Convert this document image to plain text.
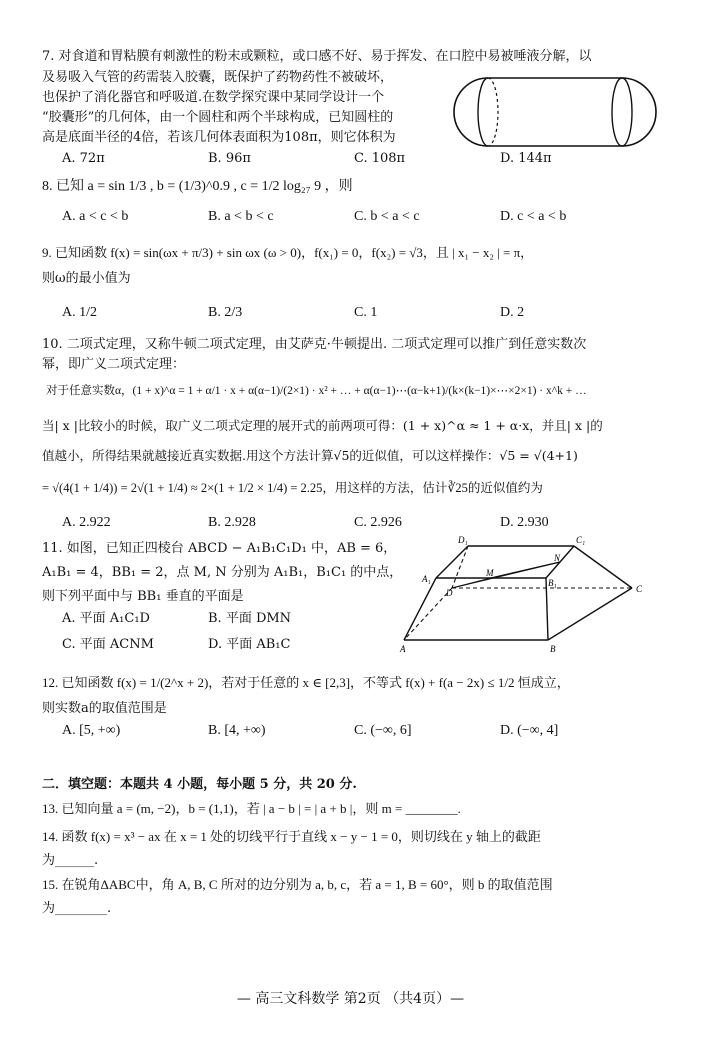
7. 对食道和胃粘膜有刺激性的粉末或颗粒，或口感不好、易于挥发、在口腔中易被唾液分解，以
及易吸入气管的药需装入胶囊，既保护了药物药性不被破坏，
也保护了消化器官和呼吸道.在数学探究课中某同学设计一个
“胶囊形”的几何体，由一个圆柱和两个半球构成，已知圆柱的
高是底面半径的4倍，若该几何体表面积为108π，则它体积为
A. 72π	B. 96π	C. 108π	D. 144π
8. 已知 a = sin 1/3 , b = (1/3)^0.9 , c = 1/2 log₂₇ 9 ，则
A. a < c < b	B. a < b < c	C. b < a < c	D. c < a < b
9. 已知函数 f(x) = sin(ωx + π/3) + sin ωx (ω > 0)，f(x₁) = 0，f(x₂) = √3，且 | x₁ − x₂ | = π，
则ω的最小值为
A. 1/2	B. 2/3	C. 1	D. 2
10. 二项式定理，又称牛顿二项式定理，由艾萨克·牛顿提出. 二项式定理可以推广到任意实数次
幂，即广义二项式定理：
对于任意实数α，(1 + x)^α = 1 + α/1 · x + α(α−1)/(2×1) · x² + … + α(α−1)⋯(α−k+1)/(k×(k−1)×⋯×2×1) · x^k + …
当| x |比较小的时候，取广义二项式定理的展开式的前两项可得：(1 + x)^α ≈ 1 + α·x，并且| x |的
值越小，所得结果就越接近真实数据.用这个方法计算√5的近似值，可以这样操作：√5 = √(4+1)
= √(4(1 + 1/4)) = 2√(1 + 1/4) ≈ 2×(1 + 1/2 × 1/4) = 2.25，用这样的方法，估计∛25的近似值约为
A. 2.922	B. 2.928	C. 2.926	D. 2.930
11. 如图，已知正四棱台 ABCD − A₁B₁C₁D₁ 中，AB = 6，
A₁B₁ = 4，BB₁ = 2，点 M, N 分别为 A₁B₁，B₁C₁ 的中点，
则下列平面中与 BB₁ 垂直的平面是
A. 平面 A₁C₁D	B. 平面 DMN
C. 平面 ACNM	D. 平面 AB₁C
D₁	C₁
N
A₁
M
B₁
D	C
A	B
12. 已知函数 f(x) = 1/(2^x + 2)，若对于任意的 x ∈ [2,3]，不等式 f(x) + f(a − 2x) ≤ 1/2 恒成立，
则实数a的取值范围是
A. [5, +∞)	B. [4, +∞)	C. (−∞, 6]	D. (−∞, 4]
二．填空题：本题共 4 小题，每小题 5 分，共 20 分.
13. 已知向量 a = (m, −2)，b = (1,1)，若 | a − b | = | a + b |，则 m = ________.
14. 函数 f(x) = x³ − ax 在 x = 1 处的切线平行于直线 x − y − 1 = 0，则切线在 y 轴上的截距
为______.
15. 在锐角ΔABC中，角 A, B, C 所对的边分别为 a, b, c，若 a = 1, B = 60°，则 b 的取值范围
为________.
— 高三文科数学 第2页 （共4页）—
